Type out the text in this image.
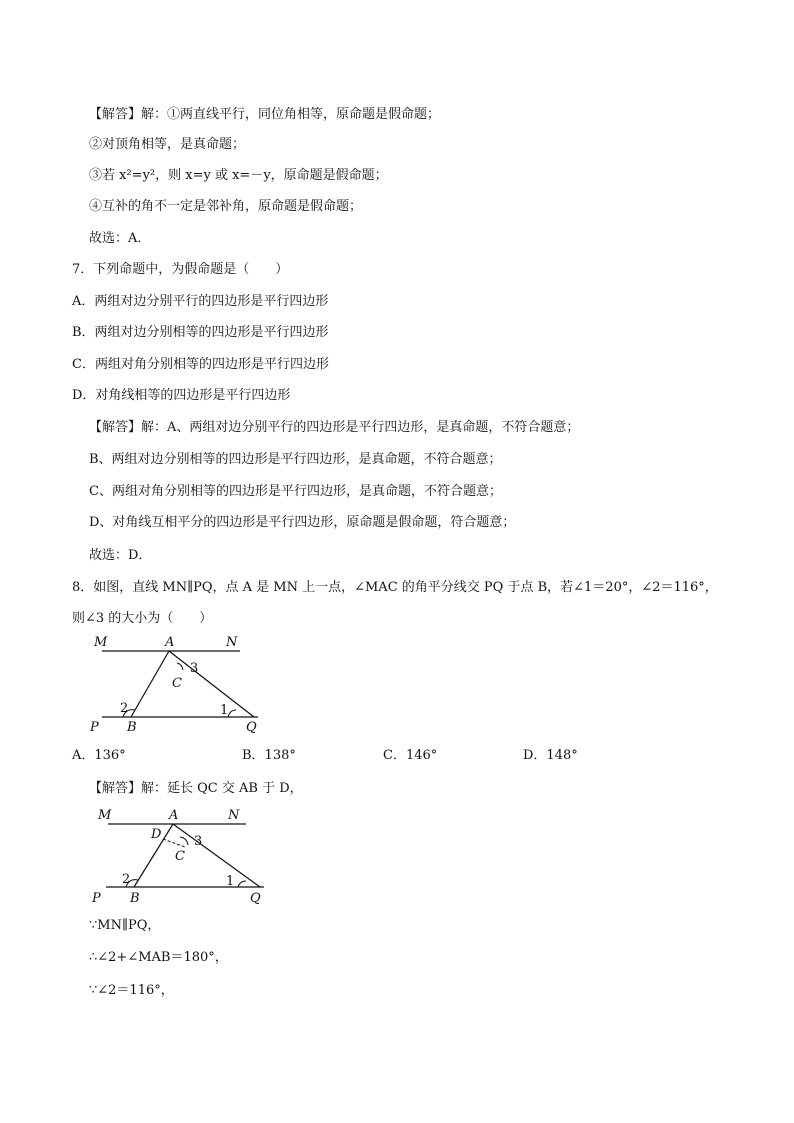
【解答】解：①两直线平行，同位角相等，原命题是假命题；
②对顶角相等，是真命题；
③若 x²=y²，则 x=y 或 x=－y，原命题是假命题；
④互补的角不一定是邻补角，原命题是假命题；
故选：A．
7．下列命题中，为假命题是（　　）
A．两组对边分别平行的四边形是平行四边形
B．两组对边分别相等的四边形是平行四边形
C．两组对角分别相等的四边形是平行四边形
D．对角线相等的四边形是平行四边形
【解答】解：A、两组对边分别平行的四边形是平行四边形，是真命题，不符合题意；
B、两组对边分别相等的四边形是平行四边形，是真命题，不符合题意；
C、两组对角分别相等的四边形是平行四边形，是真命题，不符合题意；
D、对角线互相平分的四边形是平行四边形，原命题是假命题，符合题意；
故选：D．
8．如图，直线 MN∥PQ，点 A 是 MN 上一点，∠MAC 的角平分线交 PQ 于点 B，若∠1＝20°，∠2＝116°，
则∠3 的大小为（　　）
M	A	N
C
3
2	1
P B	Q
A．136°	B．138°	C．146°	D．148°
【解答】解：延长 QC 交 AB 于 D，
M	A	N
D
C
3
2	1
P B	Q
∵MN∥PQ，
∴∠2+∠MAB＝180°，
∵∠2＝116°，
